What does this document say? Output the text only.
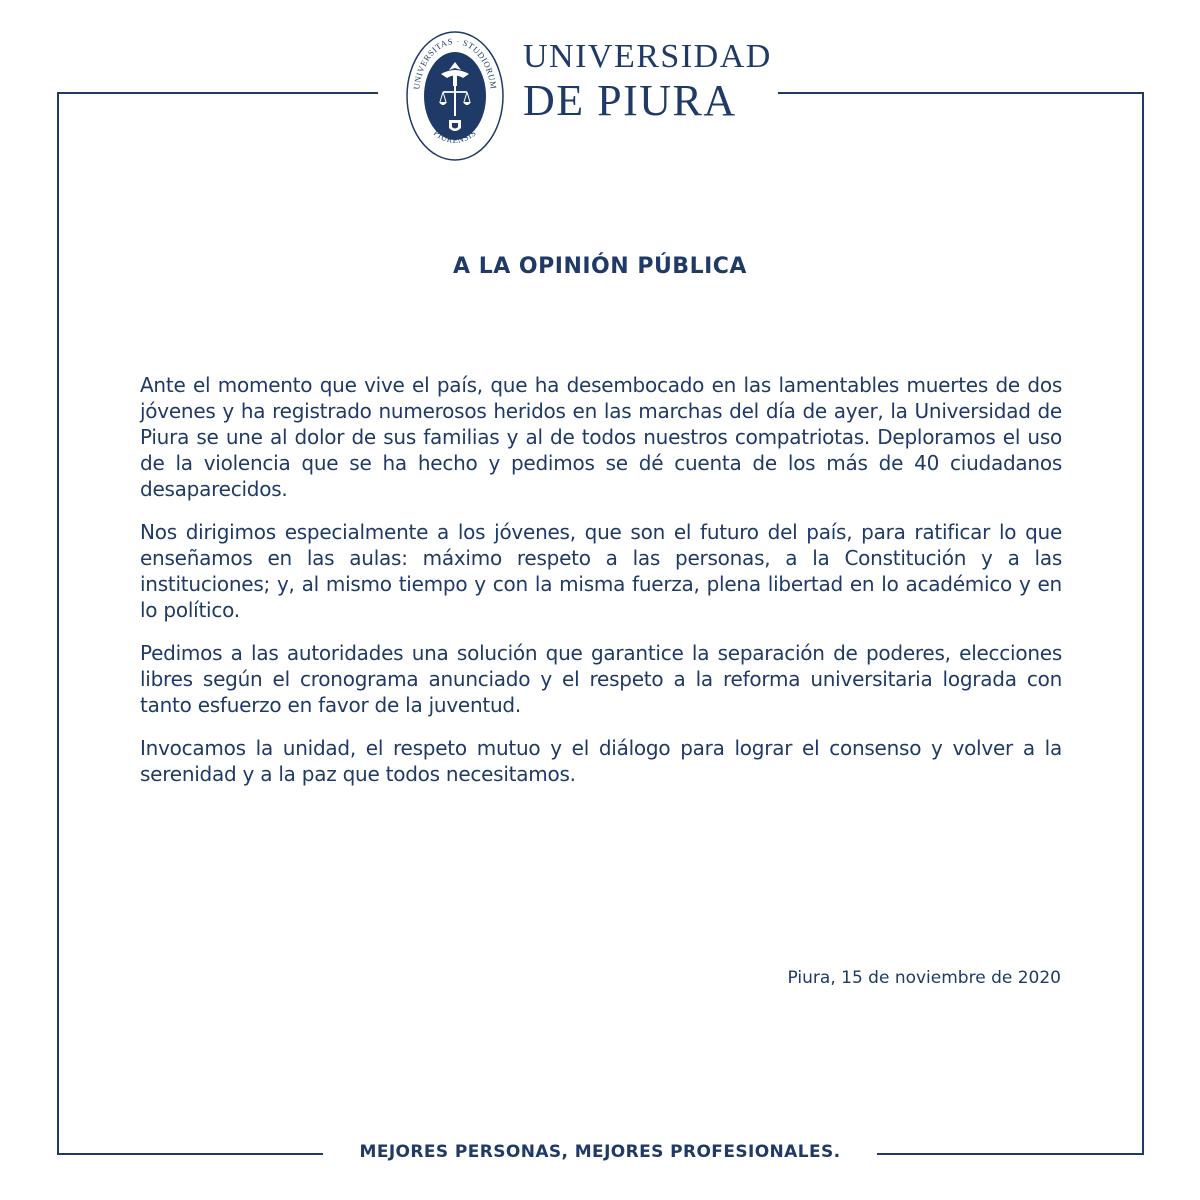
UNIVERSITAS · STUDIORUM
PIURENSIS
UNIVERSIDAD
DE PIURA
A LA OPINIÓN PÚBLICA

Ante el momento que vive el país, que ha desembocado en las lamentables muertes de dos jóvenes y ha registrado numerosos heridos en las marchas del día de ayer, la Universidad de Piura se une al dolor de sus familias y al de todos nuestros compatriotas. Deploramos el uso de la violencia que se ha hecho y pedimos se dé cuenta de los más de 40 ciudadanos desaparecidos.

Nos dirigimos especialmente a los jóvenes, que son el futuro del país, para ratificar lo que enseñamos en las aulas: máximo respeto a las personas, a la Constitución y a las instituciones; y, al mismo tiempo y con la misma fuerza, plena libertad en lo académico y en lo político.

Pedimos a las autoridades una solución que garantice la separación de poderes, elecciones libres según el cronograma anunciado y el respeto a la reforma universitaria lograda con tanto esfuerzo en favor de la juventud.

Invocamos la unidad, el respeto mutuo y el diálogo para lograr el consenso y volver a la serenidad y a la paz que todos necesitamos.

Piura, 15 de noviembre de 2020
MEJORES PERSONAS, MEJORES PROFESIONALES.
